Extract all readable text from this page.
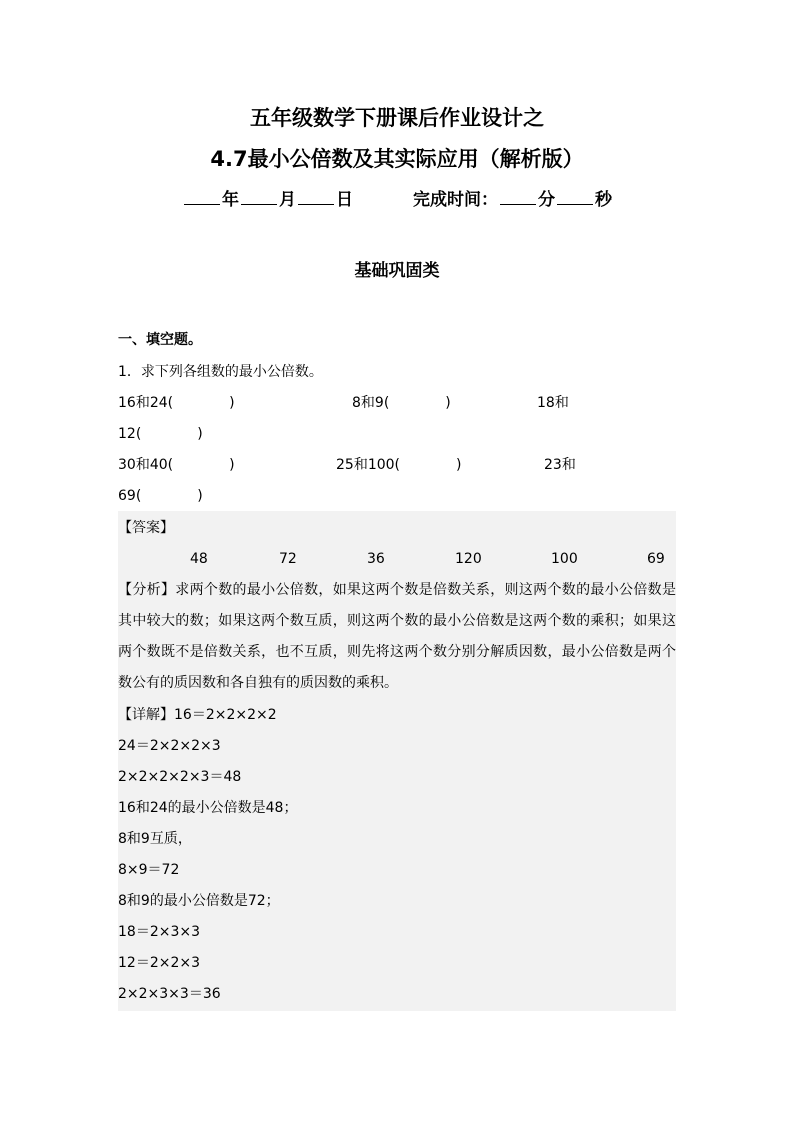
五年级数学下册课后作业设计之
4.7最小公倍数及其实际应用（解析版）
年 月 日	完成时间： 分 秒
基础巩固类
一、填空题。
1．求下列各组数的最小公倍数。
16和24(	)	8和9(	)	18和
12(	)
30和40(	)	25和100(	)	23和
69(	)
【答案】
48	72	36	120	100	69
【分析】求两个数的最小公倍数，如果这两个数是倍数关系，则这两个数的最小公倍数是其中较大的数；如果这两个数互质，则这两个数的最小公倍数是这两个数的乘积；如果这两个数既不是倍数关系，也不互质，则先将这两个数分别分解质因数，最小公倍数是两个数公有的质因数和各自独有的质因数的乘积。
【详解】16＝2×2×2×2
24＝2×2×2×3
2×2×2×2×3＝48
16和24的最小公倍数是48；
8和9互质，
8×9＝72
8和9的最小公倍数是72；
18＝2×3×3
12＝2×2×3
2×2×3×3＝36
